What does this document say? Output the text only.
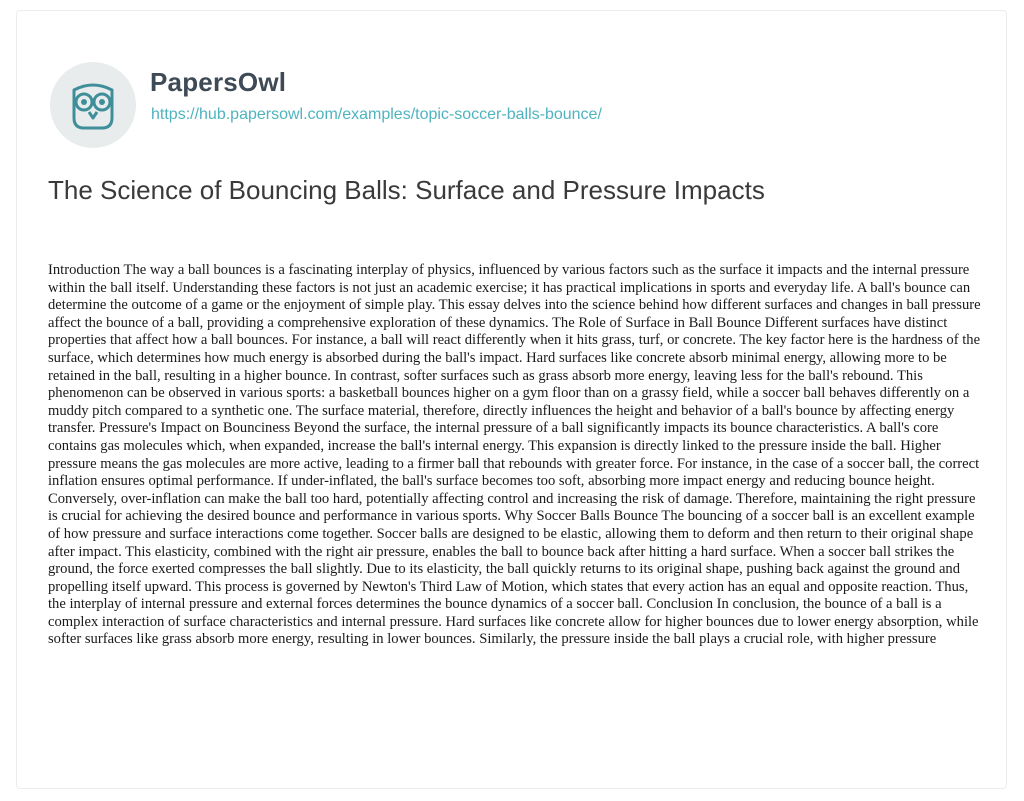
PapersOwl
https://hub.papersowl.com/examples/topic-soccer-balls-bounce/
The Science of Bouncing Balls: Surface and Pressure Impacts

Introduction The way a ball bounces is a fascinating interplay of physics, influenced by various factors such as the surface it impacts and the internal pressure within the ball itself. Understanding these factors is not just an academic exercise; it has practical implications in sports and everyday life. A ball's bounce can determine the outcome of a game or the enjoyment of simple play. This essay delves into the science behind how different surfaces and changes in ball pressure affect the bounce of a ball, providing a comprehensive exploration of these dynamics. The Role of Surface in Ball Bounce Different surfaces have distinct properties that affect how a ball bounces. For instance, a ball will react differently when it hits grass, turf, or concrete. The key factor here is the hardness of the surface, which determines how much energy is absorbed during the ball's impact. Hard surfaces like concrete absorb minimal energy, allowing more to be retained in the ball, resulting in a higher bounce. In contrast, softer surfaces such as grass absorb more energy, leaving less for the ball's rebound. This phenomenon can be observed in various sports: a basketball bounces higher on a gym floor than on a grassy field, while a soccer ball behaves differently on a muddy pitch compared to a synthetic one. The surface material, therefore, directly influences the height and behavior of a ball's bounce by affecting energy transfer. Pressure's Impact on Bounciness Beyond the surface, the internal pressure of a ball significantly impacts its bounce characteristics. A ball's core contains gas molecules which, when expanded, increase the ball's internal energy. This expansion is directly linked to the pressure inside the ball. Higher pressure means the gas molecules are more active, leading to a firmer ball that rebounds with greater force. For instance, in the case of a soccer ball, the correct inflation ensures optimal performance. If under-inflated, the ball's surface becomes too soft, absorbing more impact energy and reducing bounce height. Conversely, over-inflation can make the ball too hard, potentially affecting control and increasing the risk of damage. Therefore, maintaining the right pressure is crucial for achieving the desired bounce and performance in various sports. Why Soccer Balls Bounce The bouncing of a soccer ball is an excellent example of how pressure and surface interactions come together. Soccer balls are designed to be elastic, allowing them to deform and then return to their original shape after impact. This elasticity, combined with the right air pressure, enables the ball to bounce back after hitting a hard surface. When a soccer ball strikes the ground, the force exerted compresses the ball slightly. Due to its elasticity, the ball quickly returns to its original shape, pushing back against the ground and propelling itself upward. This process is governed by Newton's Third Law of Motion, which states that every action has an equal and opposite reaction. Thus, the interplay of internal pressure and external forces determines the bounce dynamics of a soccer ball. Conclusion In conclusion, the bounce of a ball is a complex interaction of surface characteristics and internal pressure. Hard surfaces like concrete allow for higher bounces due to lower energy absorption, while softer surfaces like grass absorb more energy, resulting in lower bounces. Similarly, the pressure inside the ball plays a crucial role, with higher pressure
